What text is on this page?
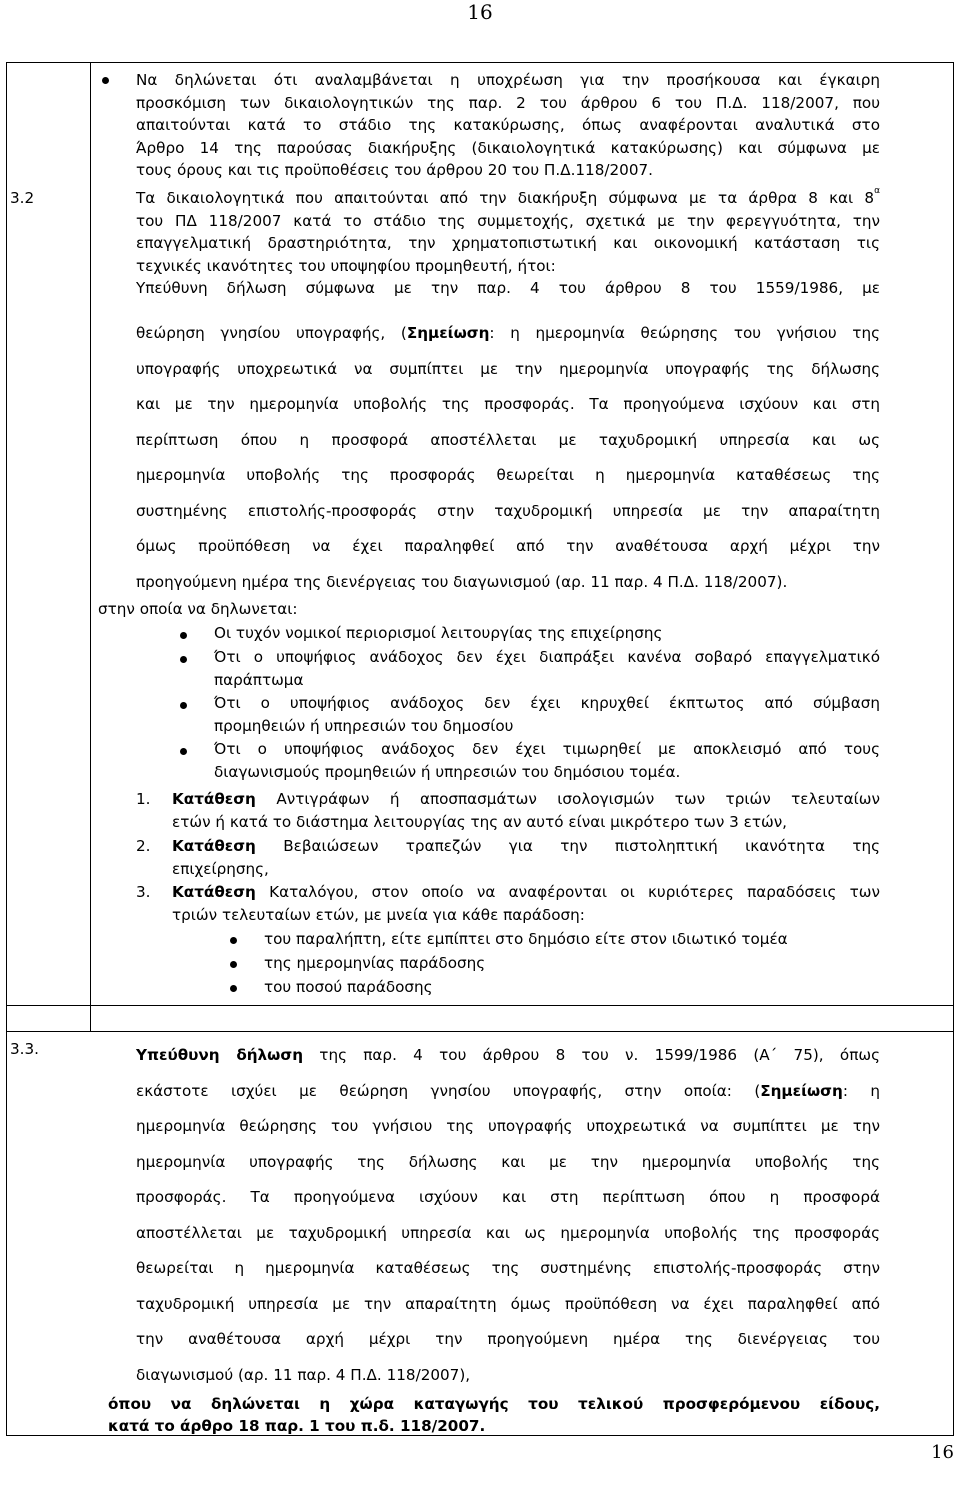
16
Να δηλώνεται ότι αναλαμβάνεται η υποχρέωση για την προσήκουσα και έγκαιρη
προσκόμιση των δικαιολογητικών της παρ. 2 του άρθρου 6 του Π.Δ. 118/2007, που
απαιτούνται κατά το στάδιο της κατακύρωσης, όπως αναφέρονται αναλυτικά στο
Άρθρο 14 της παρούσας διακήρυξης (δικαιολογητικά κατακύρωσης) και σύμφωνα με
τους όρους και τις προϋποθέσεις του άρθρου 20 του Π.Δ.118/2007.
3.2	Τα δικαιολογητικά που απαιτούνται από την διακήρυξη σύμφωνα με τα άρθρα 8 και $8^\alpha$
του ΠΔ 118/2007 κατά το στάδιο της συμμετοχής, σχετικά με την φερεγγυότητα, την
επαγγελματική δραστηριότητα, την χρηματοπιστωτική και οικονομική κατάσταση τις
τεχνικές ικανότητες του υποψηφίου προμηθευτή, ήτοι:
Υπεύθυνη δήλωση σύμφωνα με την παρ. 4 του άρθρου 8 του 1559/1986, με
θεώρηση γνησίου υπογραφής, (Σημείωση: η ημερομηνία θεώρησης του γνήσιου της
υπογραφής υποχρεωτικά να συμπίπτει με την ημερομηνία υπογραφής της δήλωσης
και με την ημερομηνία υποβολής της προσφοράς. Τα προηγούμενα ισχύουν και στη
περίπτωση όπου η προσφορά αποστέλλεται με ταχυδρομική υπηρεσία και ως
ημερομηνία υποβολής της προσφοράς θεωρείται η ημερομηνία καταθέσεως της
συστημένης επιστολής-προσφοράς στην ταχυδρομική υπηρεσία με την απαραίτητη
όμως προϋπόθεση να έχει παραληφθεί από την αναθέτουσα αρχή μέχρι την
προηγούμενη ημέρα της διενέργειας του διαγωνισμού (αρ. 11 παρ. 4 Π.Δ. 118/2007).
στην οποία να δηλωνεται:
Οι τυχόν νομικοί περιορισμοί λειτουργίας της επιχείρησης
Ότι ο υποψήφιος ανάδοχος δεν έχει διαπράξει κανένα σοβαρό επαγγελματικό
παράπτωμα
Ότι ο υποψήφιος ανάδοχος δεν έχει κηρυχθεί έκπτωτος από σύμβαση
προμηθειών ή υπηρεσιών του δημοσίου
Ότι ο υποψήφιος ανάδοχος δεν έχει τιμωρηθεί με αποκλεισμό από τους
διαγωνισμούς προμηθειών ή υπηρεσιών του δημόσιου τομέα.
1. Κατάθεση Αντιγράφων ή αποσπασμάτων ισολογισμών των τριών τελευταίων
ετών ή κατά το διάστημα λειτουργίας της αν αυτό είναι μικρότερο των 3 ετών,
2. Κατάθεση Βεβαιώσεων τραπεζών για την πιστοληπτική ικανότητα της
επιχείρησης,
3. Κατάθεση Καταλόγου, στον οποίο να αναφέρονται οι κυριότερες παραδόσεις των
τριών τελευταίων ετών, με μνεία για κάθε παράδοση:
του παραλήπτη, είτε εμπίπτει στο δημόσιο είτε στον ιδιωτικό τομέα
της ημερομηνίας παράδοσης
του ποσού παράδοσης
3.3.	Υπεύθυνη δήλωση της παρ. 4 του άρθρου 8 του ν. 1599/1986 (Α΄ 75), όπως
εκάστοτε ισχύει με θεώρηση γνησίου υπογραφής, στην οποία: (Σημείωση: η
ημερομηνία θεώρησης του γνήσιου της υπογραφής υποχρεωτικά να συμπίπτει με την
ημερομηνία υπογραφής της δήλωσης και με την ημερομηνία υποβολής της
προσφοράς. Τα προηγούμενα ισχύουν και στη περίπτωση όπου η προσφορά
αποστέλλεται με ταχυδρομική υπηρεσία και ως ημερομηνία υποβολής της προσφοράς
θεωρείται η ημερομηνία καταθέσεως της συστημένης επιστολής-προσφοράς στην
ταχυδρομική υπηρεσία με την απαραίτητη όμως προϋπόθεση να έχει παραληφθεί από
την αναθέτουσα αρχή μέχρι την προηγούμενη ημέρα της διενέργειας του
διαγωνισμού (αρ. 11 παρ. 4 Π.Δ. 118/2007),
όπου να δηλώνεται η χώρα καταγωγής του τελικού προσφερόμενου είδους,
κατά το άρθρο 18 παρ. 1 του π.δ. 118/2007.
16
